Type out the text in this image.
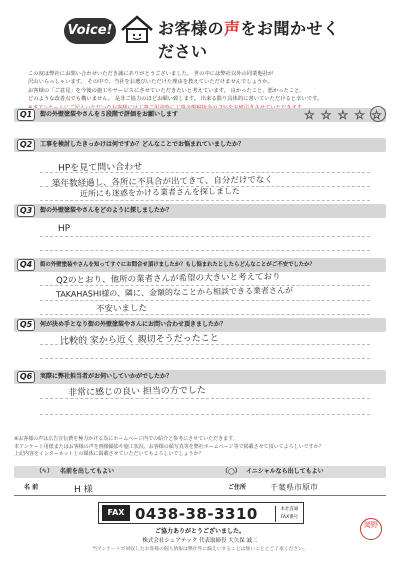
Voice!	お客様の声をお聞かせください

この度は弊社にお問い合わせいただき誠にありがとうございました。 世の中には弊社以外の同業他社が

沢山いらっしゃいます。 その中で、当社をお選びいただけた理由を教えていただけませんでしょうか。

お客様の「ご意見」を今後の施工やサービスにさせていただきたいと考えています。 良かったこと、悪かったこと、

どのような改善点でも構いません。 是非ご協力のほどお願い致します。 出来る限り具体的に書いていただけると幸いです。

Q1	街の外壁塗装やさんを５段階で評価をお願いします	☆ ☆ ☆ ☆ ☆
Q2	工事を検討したきっかけは何ですか？どんなことでお悩まれていましたか？
HPを見て問い合わせ
築年数経過し、各所に不具合が出てきて、自分だけでなく
近所にも迷惑をかける業者さんを探しました
Q3	街の外壁塗装やさんをどのように探しましたか？
HP
Q4	街の外壁塗装やさんを知ってすぐにお問合せ頂けましたか？もし悩まれたとしたらどんなことがご不安でしたか？
Q2のとおり、他所の業者さんが希望の大きいと考えており
TAKAHASHI様の、隣に、金額的なことから相談できる業者さんが
不安いました
Q5	何が決め手となり街の外壁塗装やさんにお問い合わせ頂きましたか？
比較的 家から近く 親切そうだったこと
Q6	実際に弊社担当者がお伺いしていかがでしたか？
非常に感じの良い 担当の方でした
※お客様の声は広告宣伝費を極力かける為にホームページ内での紹介と参考にさせていただきます。
本アンケート用紙またはお客様の声を画像撮影や施工状況、お客様の顔写真等を弊社ホームページ等で掲載させて頂いてよろしいですか？
上記内容をインターネット上の媒体に掲載させていただいてもよろしいでしょうか？
（✎） 名前を出してもよい	（◯） イニシャルなら出してもよい
名 前	H 様	ご住所	千葉県市原市
FAX 0438-38-3310	本社直通 FAX番号
ご協力ありがとうございました。
株式会社シェアテック 代表取締役 大久保 誠二
当アンケートで回収したお客様の個人情報は弊社外に漏えいすることは無いこととご了承ください。
岡野
